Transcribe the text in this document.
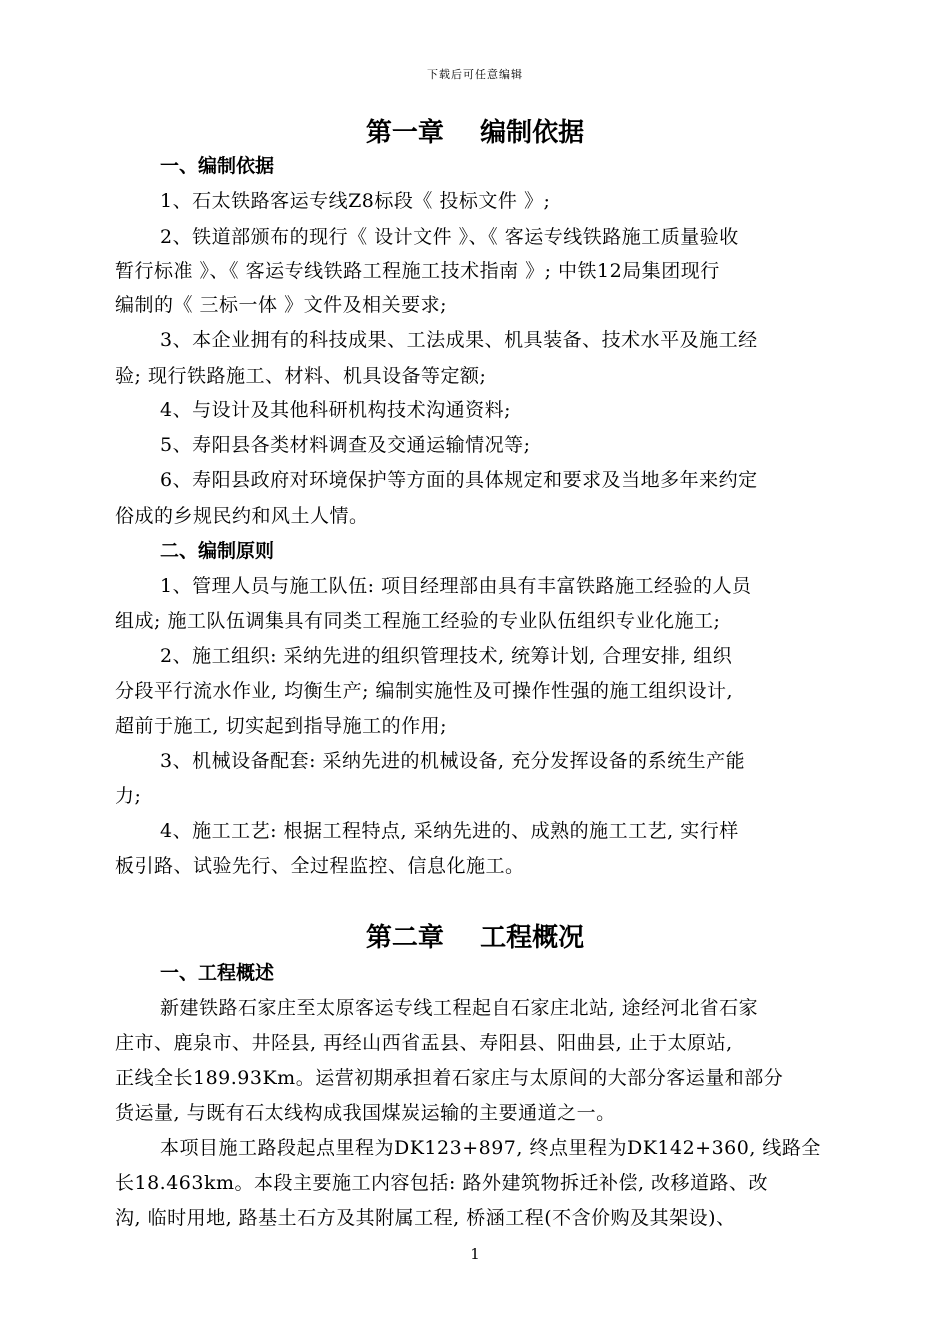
下载后可任意编辑
第一章    编制依据
一、编制依据
1、石太铁路客运专线Z8标段《 投标文件 》;
2、铁道部颁布的现行《 设计文件 》、《 客运专线铁路施工质量验收
暂行标准 》、《 客运专线铁路工程施工技术指南 》; 中铁12局集团现行
编制的《 三标一体 》文件及相关要求;
3、本企业拥有的科技成果、工法成果、机具装备、技术水平及施工经
验; 现行铁路施工、材料、机具设备等定额;
4、与设计及其他科研机构技术沟通资料;
5、寿阳县各类材料调查及交通运输情况等;
6、寿阳县政府对环境保护等方面的具体规定和要求及当地多年来约定
俗成的乡规民约和风土人情。
二、编制原则
1、管理人员与施工队伍: 项目经理部由具有丰富铁路施工经验的人员
组成; 施工队伍调集具有同类工程施工经验的专业队伍组织专业化施工;
2、施工组织: 采纳先进的组织管理技术, 统筹计划, 合理安排, 组织
分段平行流水作业, 均衡生产; 编制实施性及可操作性强的施工组织设计,
超前于施工, 切实起到指导施工的作用;
3、机械设备配套: 采纳先进的机械设备, 充分发挥设备的系统生产能
力;
4、施工工艺: 根据工程特点, 采纳先进的、成熟的施工工艺, 实行样
板引路、试验先行、全过程监控、信息化施工。
第二章    工程概况
一、工程概述
新建铁路石家庄至太原客运专线工程起自石家庄北站, 途经河北省石家
庄市、鹿泉市、井陉县, 再经山西省盂县、寿阳县、阳曲县, 止于太原站,
正线全长189.93Km。运营初期承担着石家庄与太原间的大部分客运量和部分
货运量, 与既有石太线构成我国煤炭运输的主要通道之一。
本项目施工路段起点里程为DK123+897, 终点里程为DK142+360, 线路全
长18.463km。本段主要施工内容包括: 路外建筑物拆迁补偿, 改移道路、改
沟, 临时用地, 路基土石方及其附属工程, 桥涵工程(不含价购及其架设)、
1
